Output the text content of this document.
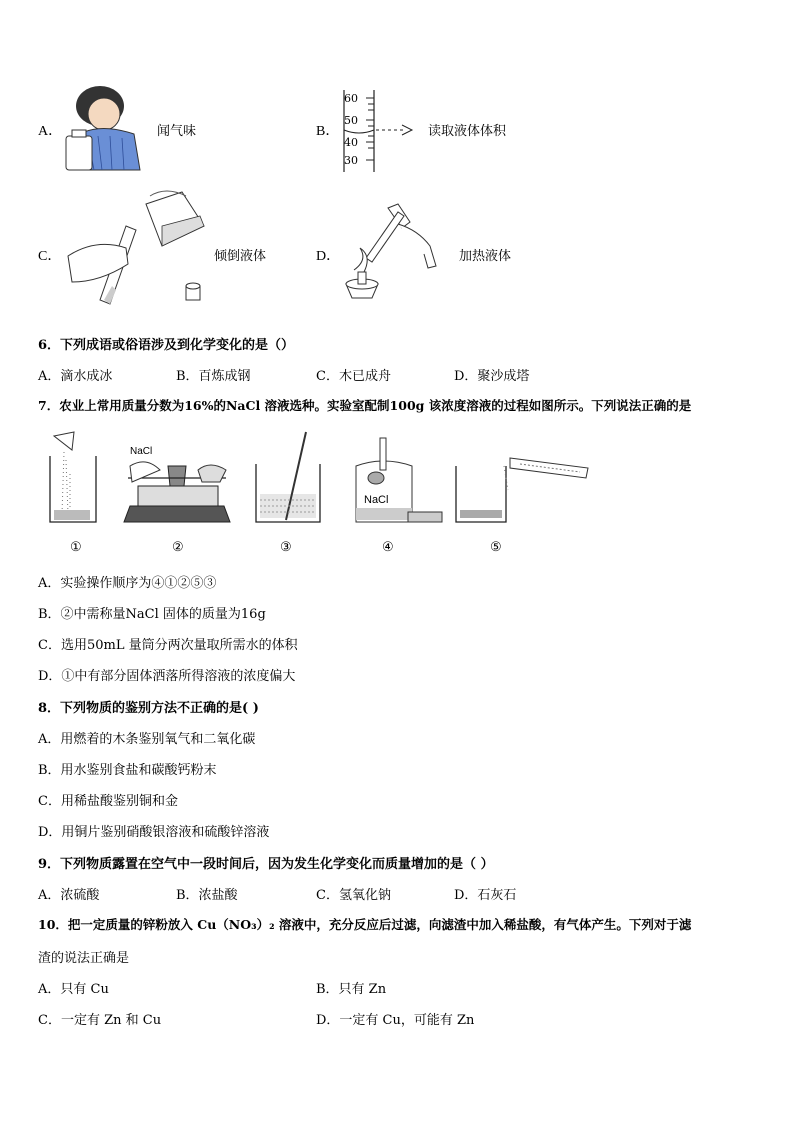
A．	闻气味	B．
60
50
40
30
读取液体体积
C．	倾倒液体	D．	加热液体
6．下列成语或俗语涉及到化学变化的是（）
A．滴水成冰	B．百炼成钢	C．木已成舟	D．聚沙成塔
7．农业上常用质量分数为16%的NaCl 溶液选种。实验室配制100g 该浓度溶液的过程如图所示。下列说法正确的是
NaCl
NaCl
①	②	③	④	⑤
A．实验操作顺序为④①②⑤③
B．②中需称量NaCl 固体的质量为16g
C．选用50mL 量筒分两次量取所需水的体积
D．①中有部分固体洒落所得溶液的浓度偏大
8．下列物质的鉴别方法不正确的是( )
A．用燃着的木条鉴别氧气和二氧化碳
B．用水鉴别食盐和碳酸钙粉末
C．用稀盐酸鉴别铜和金
D．用铜片鉴别硝酸银溶液和硫酸锌溶液
9．下列物质露置在空气中一段时间后，因为发生化学变化而质量增加的是（ ）
A．浓硫酸	B．浓盐酸	C．氢氧化钠	D．石灰石
10．把一定质量的锌粉放入 Cu（NO₃）₂ 溶液中，充分反应后过滤，向滤渣中加入稀盐酸，有气体产生。下列对于滤
渣的说法正确是
A．只有 Cu	B．只有 Zn
C．一定有 Zn 和 Cu	D．一定有 Cu，可能有 Zn
